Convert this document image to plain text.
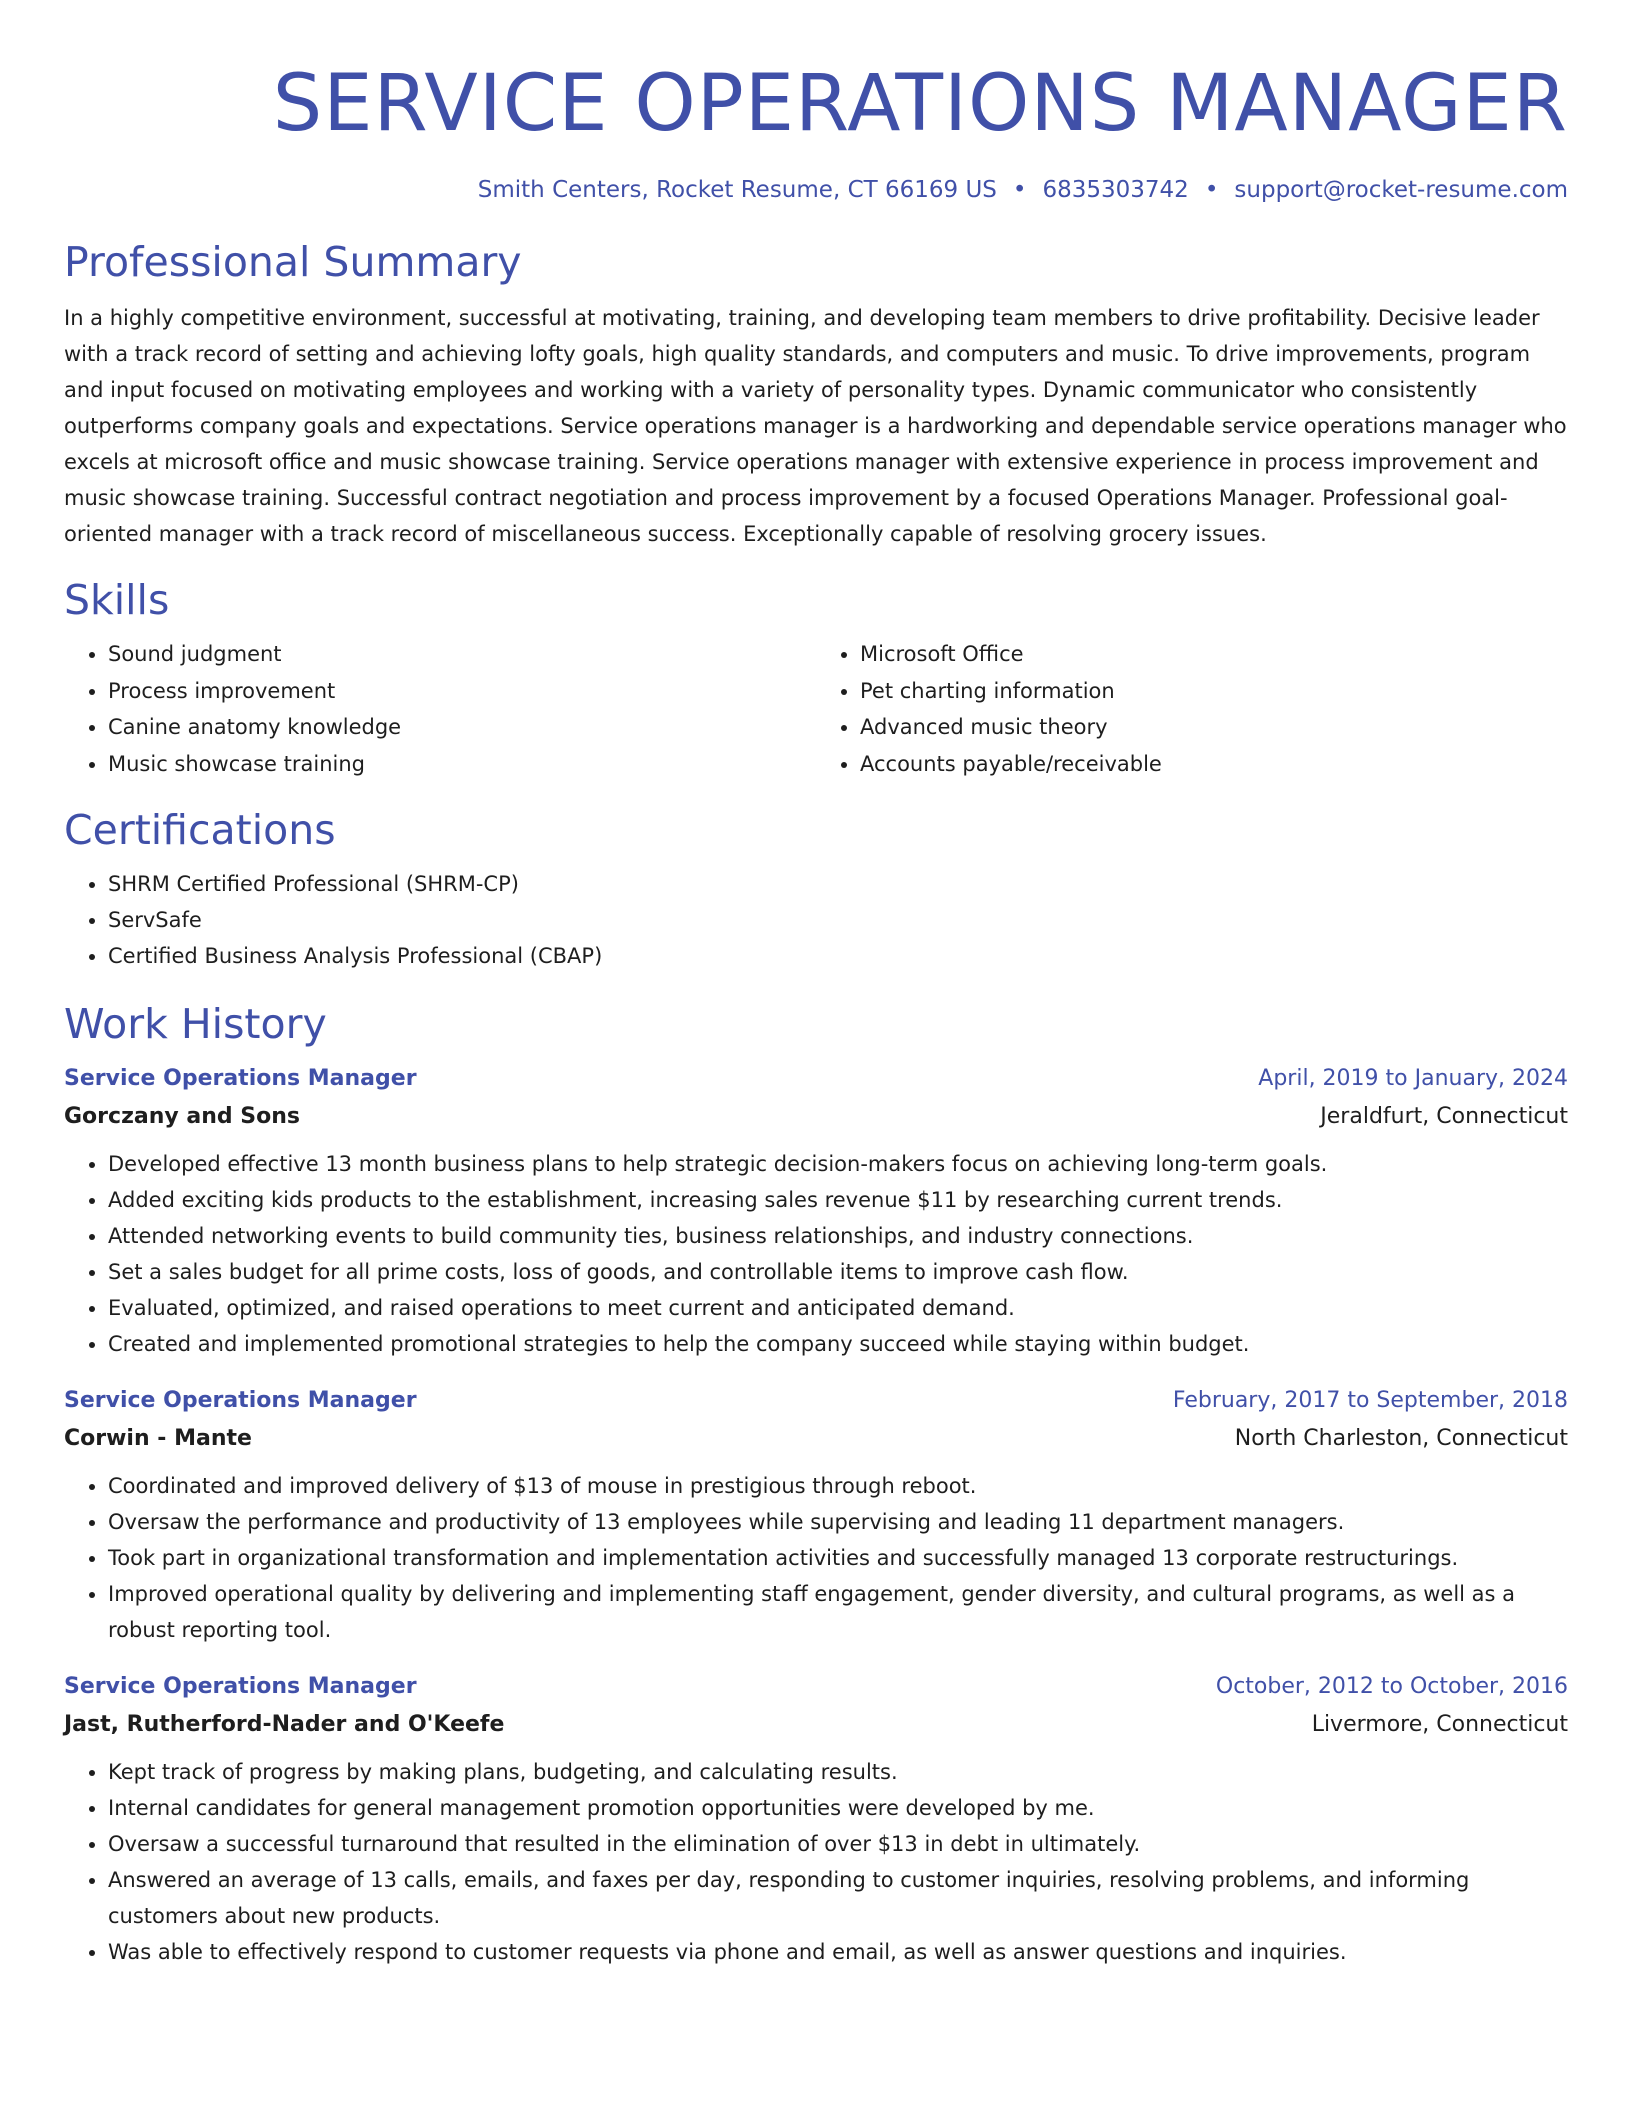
SERVICE OPERATIONS MANAGER
Smith Centers, Rocket Resume, CT 66169 US • 6835303742 • support@rocket-resume.com
Professional Summary

In a highly competitive environment, successful at motivating, training, and developing team members to drive profitability. Decisive leader with a track record of setting and achieving lofty goals, high quality standards, and computers and music. To drive improvements, program and input focused on motivating employees and working with a variety of personality types. Dynamic communicator who consistently outperforms company goals and expectations. Service operations manager is a hardworking and dependable service operations manager who excels at microsoft office and music showcase training. Service operations manager with extensive experience in process improvement and music showcase training. Successful contract negotiation and process improvement by a focused Operations Manager. Professional goal-oriented manager with a track record of miscellaneous success. Exceptionally capable of resolving grocery issues.

Skills
• Sound judgment
• Process improvement
• Canine anatomy knowledge
• Music showcase training
• Microsoft Office
• Pet charting information
• Advanced music theory
• Accounts payable/receivable
Certifications
• SHRM Certified Professional (SHRM-CP)
• ServSafe
• Certified Business Analysis Professional (CBAP)
Work History
Service Operations Manager	April, 2019 to January, 2024
Gorczany and Sons	Jeraldfurt, Connecticut
• Developed effective 13 month business plans to help strategic decision-makers focus on achieving long-term goals.
• Added exciting kids products to the establishment, increasing sales revenue $11 by researching current trends.
• Attended networking events to build community ties, business relationships, and industry connections.
• Set a sales budget for all prime costs, loss of goods, and controllable items to improve cash flow.
• Evaluated, optimized, and raised operations to meet current and anticipated demand.
• Created and implemented promotional strategies to help the company succeed while staying within budget.
Service Operations Manager	February, 2017 to September, 2018
Corwin - Mante	North Charleston, Connecticut
• Coordinated and improved delivery of $13 of mouse in prestigious through reboot.
• Oversaw the performance and productivity of 13 employees while supervising and leading 11 department managers.
• Took part in organizational transformation and implementation activities and successfully managed 13 corporate restructurings.
• Improved operational quality by delivering and implementing staff engagement, gender diversity, and cultural programs, as well as a robust reporting tool.
Service Operations Manager	October, 2012 to October, 2016
Jast, Rutherford-Nader and O'Keefe	Livermore, Connecticut
• Kept track of progress by making plans, budgeting, and calculating results.
• Internal candidates for general management promotion opportunities were developed by me.
• Oversaw a successful turnaround that resulted in the elimination of over $13 in debt in ultimately.
• Answered an average of 13 calls, emails, and faxes per day, responding to customer inquiries, resolving problems, and informing customers about new products.
• Was able to effectively respond to customer requests via phone and email, as well as answer questions and inquiries.
